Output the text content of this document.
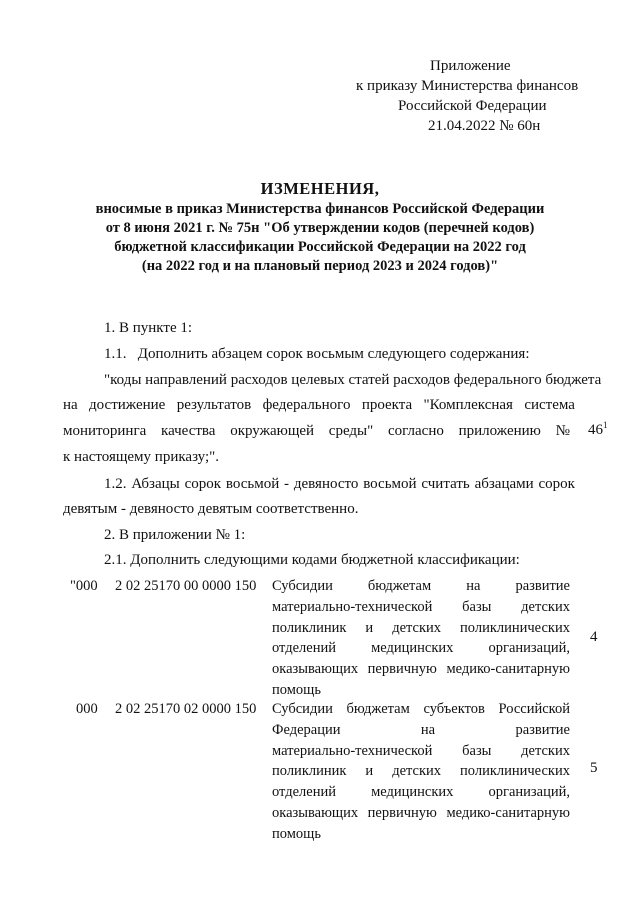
Приложение
к приказу Министерства финансов
Российской Федерации
21.04.2022 № 60н
ИЗМЕНЕНИЯ,
вносимые в приказ Министерства финансов Российской Федерации
от 8 июня 2021 г. № 75н "Об утверждении кодов (перечней кодов)
бюджетной классификации Российской Федерации на 2022 год
(на 2022 год и на плановый период 2023 и 2024 годов)"
1. В пункте 1:
1.1.   Дополнить абзацем сорок восьмым следующего содержания:
"коды направлений расходов целевых статей расходов федерального бюджета
на достижение результатов федерального проекта "Комплексная система
мониторинга качества окружающей среды" согласно приложению № $46^1$
к настоящему приказу;".
1.2. Абзацы сорок восьмой - девяносто восьмой считать абзацами сорок
девятым - девяносто девятым соответственно.
2. В приложении № 1:
2.1. Дополнить следующими кодами бюджетной классификации:
"000 2 02 25170 00 0000 150 Субсидии бюджетам на развитие
материально-технической базы детских
поликлиник и детских поликлинических
отделений медицинских организаций,
оказывающих первичную медико-санитарную
помощь
4
000 2 02 25170 02 0000 150 Субсидии бюджетам субъектов Российской
Федерации	на	развитие
материально-технической базы детских
поликлиник и детских поликлинических
отделений медицинских организаций,
оказывающих первичную медико-санитарную
помощь
5
